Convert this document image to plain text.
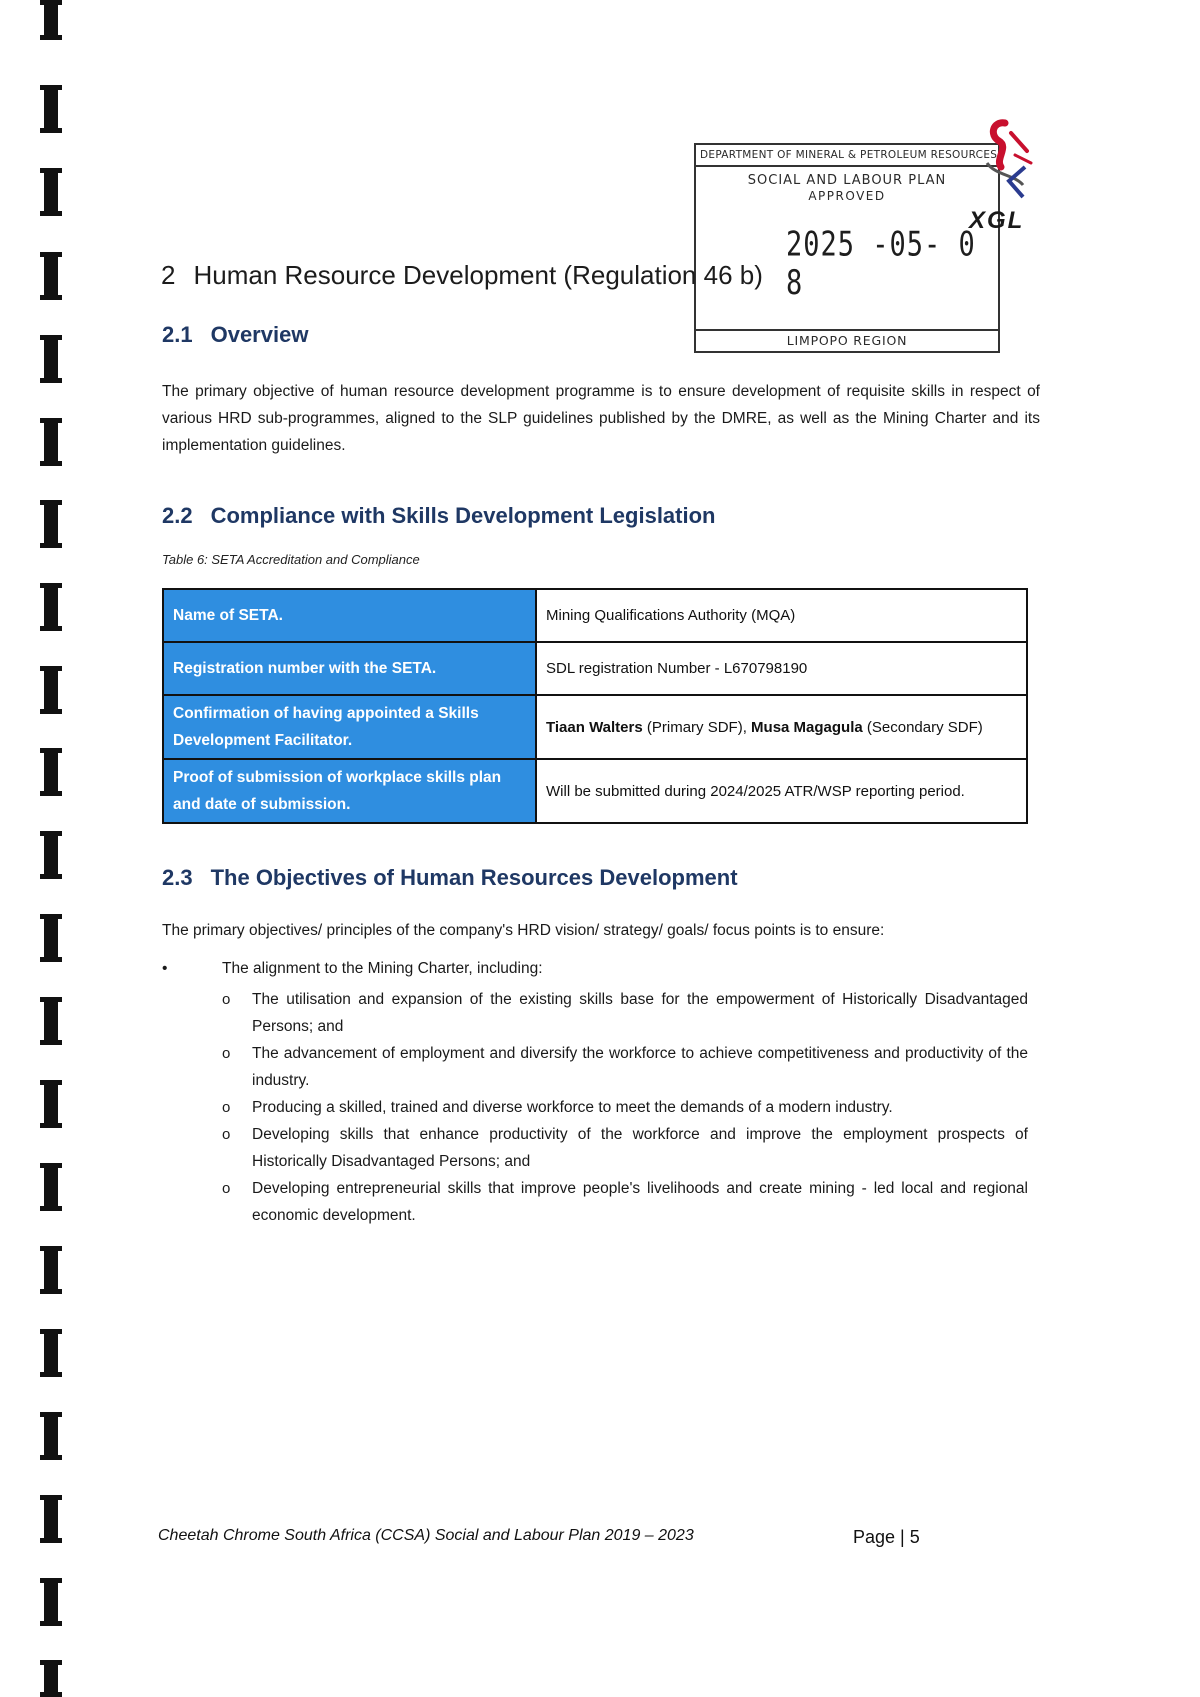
DEPARTMENT OF MINERAL & PETROLEUM RESOURCES
SOCIAL AND LABOUR PLAN
APPROVED
2025 -05- 0 8
LIMPOPO REGION
XGL
2 Human Resource Development (Regulation 46 b)
2.1 Overview
The primary objective of human resource development programme is to ensure development of requisite skills in respect of various HRD sub-programmes, aligned to the SLP guidelines published by the DMRE, as well as the Mining Charter and its implementation guidelines.
2.2 Compliance with Skills Development Legislation
Table 6: SETA Accreditation and Compliance
Name of SETA.	Mining Qualifications Authority (MQA)
Registration number with the SETA.	SDL registration Number - L670798190
Confirmation of having appointed a Skills Development Facilitator.	Tiaan Walters (Primary SDF), Musa Magagula (Secondary SDF)
Proof of submission of workplace skills plan and date of submission.	Will be submitted during 2024/2025 ATR/WSP reporting period.
2.3 The Objectives of Human Resources Development
The primary objectives/ principles of the company's HRD vision/ strategy/ goals/ focus points is to ensure:
•	The alignment to the Mining Charter, including:
o The utilisation and expansion of the existing skills base for the empowerment of Historically Disadvantaged Persons; and
o The advancement of employment and diversify the workforce to achieve competitiveness and productivity of the industry.
o Producing a skilled, trained and diverse workforce to meet the demands of a modern industry.
o Developing skills that enhance productivity of the workforce and improve the employment prospects of Historically Disadvantaged Persons; and
o Developing entrepreneurial skills that improve people's livelihoods and create mining - led local and regional economic development.
Cheetah Chrome South Africa (CCSA) Social and Labour Plan 2019 – 2023	Page | 5
